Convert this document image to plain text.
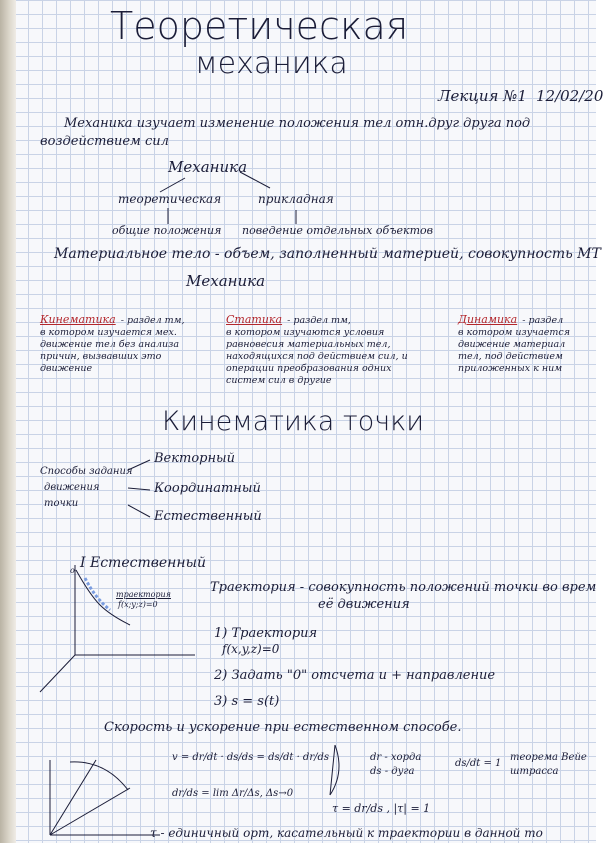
Теоретическая
механика
Лекция №1 12/02/20
Механика изучает изменение положения тел отн.друг друга под
воздействием сил
Механика
теоретическая	прикладная
общие положения поведение отдельных объектов
Материальное тело - объем, заполненный материей, совокупность МТ
Механика
Кинематика - раздел тм,
в котором изучается мех.
движение тел без анализа
причин, вызвавших это
движение
Статика - раздел тм,
в котором изучаются условия
равновесия материальных тел,
находящихся под действием сил, и
операции преобразования одних
систем сил в другие
Динамика - раздел
в котором изучается
движение материал
тел, под действием
приложенных к ним
Кинематика точки
Способы задания
движения
точки
Векторный
Координатный
Естественный
I Естественный
o
траектория
f(x;y;z)=0
Траектория - совокупность положений точки во врем
её движения
1) Траектория
f(x,y,z)=0
2) Задать "0" отсчета и + направление
3) s = s(t)
Скорость и ускорение при естественном способе.
v = dr/dt · ds/ds = ds/dt · dr/ds
dr/ds = lim Δr/Δs, Δs→0
dr - хорда
ds - дуга
ds/dt = 1
теорема Вейе
штрасса
τ = dr/ds , |τ| = 1
τ - единичный орт, касательный к траектории в данной то
